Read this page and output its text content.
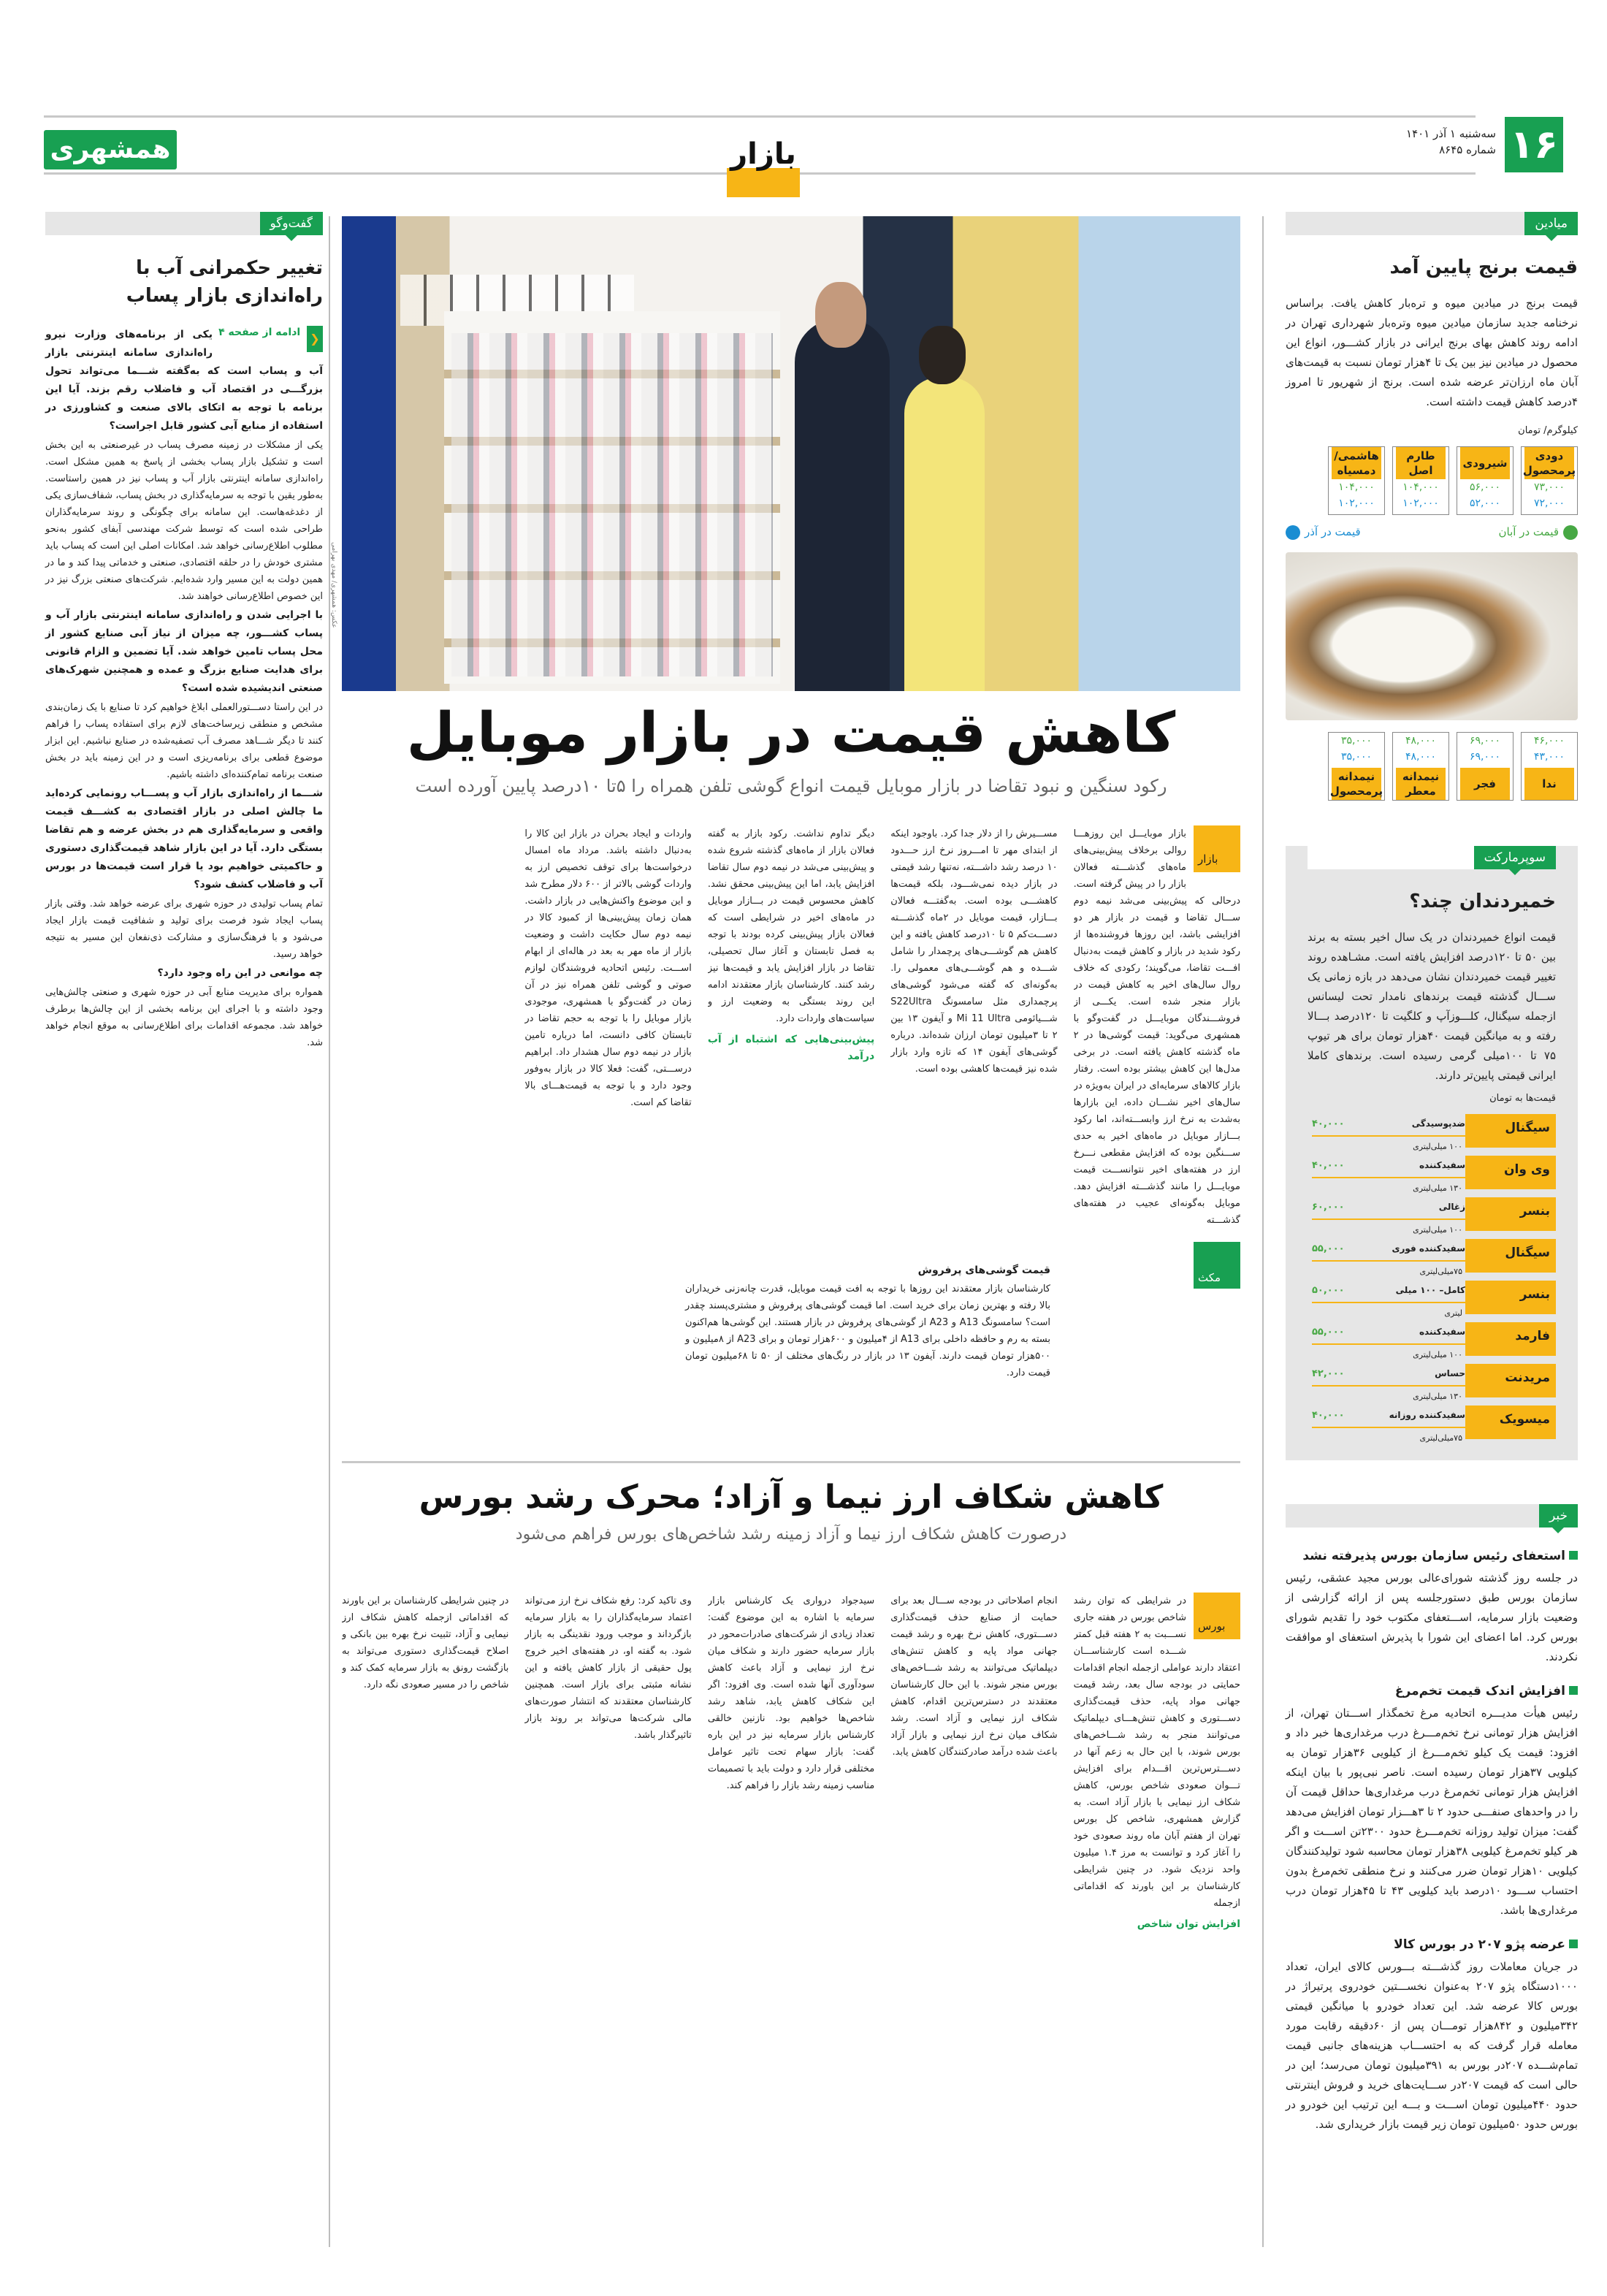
۱۶
سه‌شنبه ۱ آذر ۱۴۰۱
شماره ۸۶۴۵
بازار
همشهری
میادین
قیمت برنج پایین آمد

قیمت برنج در میادین میوه و تره‌بار کاهش یافت. براساس نرخنامه جدید سازمان میادین میوه وتره‌بار شهرداری تهران در ادامه روند کاهش بهای برنج ایرانی در بازار کشـــور، انواع این محصول در میادین نیز بین یک تا ۴هزار تومان نسبت به قیمت‌های آبان ماه ارزان‌تر عرضه شده است. برنج از شهریور تا امروز ۴درصد کاهش قیمت داشته است.

کیلوگرم/ تومان
دودی پرمحصول
۷۳,۰۰۰
۷۲,۰۰۰
شیرودی
۵۶,۰۰۰
۵۲,۰۰۰
طارم اصل
۱۰۴,۰۰۰
۱۰۲,۰۰۰
هاشمی/ دمسیاه
۱۰۴,۰۰۰
۱۰۲,۰۰۰
قیمت در آبان
قیمت در آذر
۴۶,۰۰۰
۴۳,۰۰۰
ندا
۶۹,۰۰۰
۶۹,۰۰۰
فجر
۴۸,۰۰۰
۴۸,۰۰۰
نیمدانه معطر
۳۵,۰۰۰
۳۵,۰۰۰
نیمدانه پرمحصول
سوپرمارکت
خمیردندان چند؟

قیمت انواع خمیردندان در یک سال اخیر بسته به برند بین ۵۰ تا ۱۲۰درصد افزایش یافته است. مشـاهده روند تغییر قیمت خمیردندان نشان می‌دهد در بازه زمانی یک ســـال گذشته قیمت برندهای نامدار تحت لیسانس ازجمله سیگنال، کلـــوزآپ و کلگیت تا ۱۲۰درصد بـــالا رفته و به میانگین قیمت ۴۰هزار تومان برای هر تیوپ ۷۵ تا ۱۰۰میلی گرمی رسیده است. برندهای کاملا ایرانی قیمتی پایین‌تر دارند.

قیمت‌ها به تومان
سیگنال
ضدپوسیدگی
۴۰,۰۰۰
۱۰۰ میلی‌لیتری
وی وان
سفیدکننده
۴۰,۰۰۰
۱۳۰ میلی‌لیتری
بنسر
زغالی
۶۰,۰۰۰
۱۰۰ میلی‌لیتری
سیگنال
سفیدکننده فوری
۵۵,۰۰۰
۷۵میلی‌لیتری
بنسر
کامل– ۱۰۰ میلی
۵۰,۰۰۰
لیتری
فارمد
سفیدکننده
۵۵,۰۰۰
۱۰۰ میلی‌لیتری
مریدنت
حساس
۴۲,۰۰۰
۱۳۰ میلی‌لیتری
میسویک
سفیدکننده روزانه
۴۰,۰۰۰
۷۵میلی‌لیتری
خبر
استعفای رئیس سازمان بورس پذیرفته نشد

در جلسه روز گذشته شورای‌عالی بورس مجید عشقی، رئیس سازمان بورس طبق دستورجلسه پس از ارائه گزارشی از وضعیت بازار سرمایه، اســـتعفای مکتوب خود را تقدیم شورای بورس کرد. اما اعضای این شورا با پذیرش استعفای او موافقت نکردند.

افزایش اندک قیمت تخم‌مرغ

رئیس هیأت مدیـــره اتحادیه مرغ تخمگذار اســـتان تهران، از افزایش هزار تومانی نرخ تخم‌مـــرغ درب مرغداری‌ها خبر داد و افزود: قیمت یک کیلو تخم‌مـــرغ از کیلویی ۳۶هزار تومان به کیلویی ۳۷هزار تومان رسیده است. ناصر نبی‌پور با بیان اینکه افزایش هزار تومانی تخم‌مرغ درب مرغداری‌ها حداقل قیمت آن را در واحدهای صنفـــی حدود ۲ تا ۳هـــزار تومان افزایش می‌دهد گفت: میزان تولید روزانه تخم‌مـــرغ حدود ۲۳۰۰تن اســـت و اگر هر کیلو تخم‌مرغ کیلویی ۳۸هزار تومان محاسبه شود تولیدکنندگان کیلویی ۱۰هزار تومان ضرر می‌کنند و نرخ منطقی تخم‌مرغ بدون احتساب ســـود ۱۰درصد باید کیلویی ۴۳ تا ۴۵هزار تومان درب مرغداری‌ها باشد.

عرضه پژو ۲۰۷ در بورس کالا

در جریان معاملات روز گذشـــته بـــورس کالای ایران، تعداد ۱۰۰۰دستگاه پژو ۲۰۷ به‌عنوان نخســـتین خودروی پرتیراژ در بورس کالا عرضه شد. این تعداد خودرو با میانگین قیمتی ۳۴۲میلیون و ۸۴۲هزار تومـــان پس از ۶۰دقیقه رقابت مورد معامله قرار گرفت که به احتســـاب هزینه‌های جانبی قیمت تمام‌شـــده ۲۰۷در بورس به ۳۹۱میلیون تومان می‌رسد؛ این در حالی است که قیمت ۲۰۷در ســـایت‌های خرید و فروش اینترنتی حدود ۴۴۰میلیون تومان اســـت و بـــه این ترتیب این خودرو در بورس حدود ۵۰میلیون تومان زیر قیمت بازار خریداری شد.

عکس: همشهری/ مهدی بهرامی
کاهش قیمت در بازار موبایل
رکود سنگین و نبود تقاضا در بازار موبایل قیمت انواع گوشی تلفن همراه را ۵تا ۱۰درصد پایین آورده است
بازار
بازار موبایـــل این روزهـــا روالی برخلاف پیش‌بینی‌های ماه‌های گذشـــته فعالان بازار را در پیش گرفته است. درحالی که پیش‌بینی می‌شد نیمه دوم ســـال تقاضا و قیمت در بازار هر دو افزایشی باشد، این روزها فروشنده‌ها از رکود شدید در بازار و کاهش قیمت به‌دنبال افـــت تقاضا، می‌گویند؛ رکودی که خلاف روال سال‌های اخیر به کاهش قیمت در بازار منجر شده است. یکـــی از فروشـــندگان موبایـــل در گفت‌وگو با همشهری می‌گوید: قیمت گوشی‌ها در ۲ ماه گذشته کاهش یافته است. در برخی مدل‌ها این کاهش بیشتر بوده است. رفتار بازار کالاهای سرمایه‌ای در ایران به‌ویژه در سال‌های اخیر نشـــان داده، این بازارها به‌شدت به نرخ ارز وابســـته‌اند، اما رکود بـــازار موبایل در ماه‌های اخیر به حدی ســـنگین بوده که افزایش مقطعی نـــرخ ارز در هفته‌های اخیر نتوانســـت قیمت موبایـــل را مانند گذشـــته افزایش دهد. موبایل به‌گونه‌ای عجیب در هفته‌های گذشـــته
مســـیرش را از دلار جدا کرد. باوجود اینکه از ابتدای مهر تا امـــروز نرخ ارز حـــدود ۱۰ درصد رشد داشـــته، نه‌تنها رشد قیمتی در بازار دیده نمی‌شـــود، بلکه قیمت‌ها کاهشـــی بوده است. به‌گفتـــه فعالان بـــازار، قیمت موبایل در ۲ماه گذشـــته دســـت‌کم ۵ تا ۱۰درصد کاهش یافته و این کاهش هم گوشـــی‌های پرچمدار را شامل شـــده و هم گوشـــی‌های معمولی را. به‌گونه‌ای که گفته می‌شود گوشی‌های پرچمداری مثل سامسونگ S22Ultra شـــیائومی Mi 11 Ultra و آیفون ۱۳ ‌بین ۲ تا ۳میلیون تومان ارزان شده‌اند. درباره گوشی‌های آیفون ۱۴ که تازه وارد بازار شده نیز قیمت‌ها کاهشی بوده است.
دیگر تداوم نداشت. رکود بازار به گفته فعالان بازار از ماه‌های گذشته شروع شده و پیش‌بینی می‌شد در نیمه دوم سال تقاضا افزایش یابد، اما این پیش‌بینی محقق نشد. کاهش محسوس قیمت در بـــازار موبایل در ماه‌های اخیر در شرایطی است که فعالان بازار پیش‌بینی کرده بودند با توجه به فصل تابستان و آغاز سال تحصیلی، تقاضا در بازار افزایش یابد و قیمت‌ها نیز رشد کنند. کارشناسان بازار معتقدند ادامه این روند بستگی به وضعیت ارز و سیاست‌های واردات دارد.
پیش‌بینی‌هایی که اشتباه از آب درآمد
واردات و ایجاد بحران در بازار این کالا را به‌دنبال داشته باشد. مرداد ماه امسال درخواست‌ها برای توقف تخصیص ارز به واردات گوشی بالاتر از ۶۰۰ دلار مطرح شد و این موضوع واکنش‌هایی در بازار داشت. همان زمان پیش‌بینی‌ها از کمبود کالا در نیمه دوم سال حکایت داشت و وضعیت بازار از ماه مهر به بعد در هاله‌ای از ابهام اســـت. رئیس اتحادیه فروشندگان لوازم صوتی و گوشی تلفن همراه نیز در آن زمان در گفت‌وگو با همشهری، موجودی بازار موبایل را با توجه به حجم تقاضا در تابستان کافی دانست، اما درباره تامین بازار در نیمه دوم سال هشدار داد. ابراهیم درســـتی، گفت: فعلا کالا در بازار به‌وفور وجود دارد و با توجه به قیمت‌هـــای بالا تقاضا کم است.
مکث
قیمت گوشی‌های پرفروش
کارشناسان بازار معتقدند این روزها با توجه به افت قیمت موبایل، قدرت چانه‌زنی خریداران بالا رفته و بهترین زمان برای خرید است. اما قیمت گوشی‌های پرفروش و مشتری‌پسند چقدر است؟ سامسونگ A13 و A23 از گوشی‌های پرفروش در بازار هستند. این گوشی‌ها هم‌اکنون بسته به رم و حافظه داخلی برای A13 از ۴میلیون و ۶۰۰هزار تومان و برای A23 از ۸میلیون و ۵۰۰هزار تومان قیمت دارند. آیفون ۱۳ در بازار در رنگ‌های مختلف از ۵۰ تا ۶۸میلیون تومان قیمت دارد.
کاهش شکاف ارز نیما و آزاد؛ محرک رشد بورس
درصورت کاهش شکاف ارز نیما و آزاد زمینه رشد شاخص‌های بورس فراهم می‌شود
بورس
در شرایطی که توان رشد شاخص بورس در هفته جاری نســـبت به ۲ هفته قبل کمتر شـــده است کارشناســـان اعتقاد دارند عواملی ازجمله انجام اقدامات حمایتی در بودجه سال بعد، رشد قیمت جهانی مواد پایه، حذف قیمت‌گذاری دســـتوری و کاهش تنش‌هـــای دیپلماتیک می‌توانند منجر به رشد شـــاخص‌های بورس شوند، با این حال به زعم آنها در دســـترس‌ترین اقـــدام برای افزایش تـــوان صعودی شاخص بورس، کاهش شکاف ارز نیمایی با بازار آزاد است. به گزارش همشهری، شاخص کل بورس تهران از هفتم آبان ماه روند صعودی خود را آغاز کرد و توانست به مرز ۱.۴ میلیون واحد نزدیک شود. در چنین شرایطی کارشناسان بر این باورند که اقداماتی ازجمله
افزایش توان شاخص
انجام اصلاحاتی در بودجه ســـال بعد برای حمایت از صنایع حذف قیمت‌گذاری دســـتوری، کاهش نرخ بهره و رشد قیمت جهانی مواد پایه و کاهش تنش‌های دیپلماتیک می‌توانند به رشد شـــاخص‌های بورس منجر شوند. با این حال کارشناسان معتقدند در دسترس‌ترین اقدام، کاهش شکاف ارز نیمایی و آزاد است. رشد شکاف میان نرخ ارز نیمایی و بازار آزاد باعث شده درآمد صادرکنندگان کاهش یابد.
سیدجواد درواری یک کارشناس بازار سرمایه با اشاره به این موضوع گفت: تعداد زیادی از شرکت‌های صادرات‌محور در بازار سرمایه حضور دارند و شکاف میان نرخ ارز نیمایی و آزاد باعث کاهش سودآوری آنها شده است. وی افزود: اگر این شکاف کاهش یابد، شاهد رشد شاخص‌ها خواهیم بود. نازنین خالقی کارشناس بازار سرمایه نیز در این باره گفت: بازار سهام تحت تاثیر عوامل مختلفی قرار دارد و دولت باید با تصمیمات مناسب زمینه رشد بازار را فراهم کند.
وی تاکید کرد: رفع شکاف نرخ ارز می‌تواند اعتماد سرمایه‌گذاران را به بازار سرمایه بازگرداند و موجب ورود نقدینگی به بازار شود. به گفته او، در هفته‌های اخیر خروج پول حقیقی از بازار کاهش یافته و این نشانه مثبتی برای بازار است. همچنین کارشناسان معتقدند که انتشار صورت‌های مالی شرکت‌ها می‌تواند بر روند بازار تاثیرگذار باشد.
در چنین شرایطی کارشناسان بر این باورند که اقداماتی ازجمله کاهش شکاف ارز نیمایی و آزاد، تثبیت نرخ بهره بین بانکی و اصلاح قیمت‌گذاری دستوری می‌تواند به بازگشت رونق به بازار سرمایه کمک کند و شاخص را در مسیر صعودی نگه دارد.
گفت‌وگو
تغییر حکمرانی آب با راه‌اندازی بازار پساب
❮ ادامه از صفحه ۴
یکی از برنامه‌های وزارت نیرو راه‌اندازی سامانه اینترنتی بازار آب و پساب است که به‌گفته شـــما می‌تواند تحول بزرگـــی در اقتصاد آب و فاضلاب رقم بزند. آیا این برنامه با توجه به اتکای بالای صنعت و کشاورزی در استفاده از منابع آبی کشور قابل اجراست؟
یکی از مشکلات در زمینه مصرف پساب در غیرصنعتی به این بخش است و تشکیل بازار پساب بخشی از پاسخ به همین مشکل است. راه‌اندازی سامانه اینترنتی بازار آب و پساب نیز در همین راستاست. به‌طور یقین با توجه به سرمایه‌گذاری در بخش پساب، شفاف‌سازی یکی از دغدغه‌هاست. این سامانه برای چگونگی و روند سرمایه‌گذاران طراحی شده است که توسط شرکت مهندسی آبفای کشور به‌نحو مطلوب اطلاع‌رسانی خواهد شد. امکانات اصلی این است که پساب باید مشتری خودش را در حلقه اقتصادی، صنعتی و خدماتی پیدا کند و ما در همین دولت به این مسیر وارد شده‌ایم. شرکت‌های صنعتی بزرگ نیز در این خصوص اطلاع‌رسانی خواهند شد.
با اجرایی شدن و راه‌اندازی سامانه اینترنتی بازار آب و پساب کشـــور، چه میزان از نیاز آبی صنایع کشور از محل پساب تامین خواهد شد. آیا تضمین و الزام قانونی برای هدایت صنایع بزرگ و عمده و همچنین شهرک‌های صنعتی اندیشیده شده است؟
در این راستا دســـتورالعملی ابلاغ خواهیم کرد تا صنایع با یک زمان‌بندی مشخص و منطقی زیرساخت‌های لازم برای استفاده پساب را فراهم کنند تا دیگر شـــاهد مصرف آب تصفیه‌شده در صنایع نباشیم. این ابزار موضوع قطعی برای برنامه‌ریزی است و در این زمینه باید در بخش صنعت برنامه تمام‌کننده‌ای داشته باشیم.
شـــما از راه‌اندازی بازار آب و پســـاب رونمایی کرده‌اید ما چالش اصلی در بازار اقتصادی به کشـــف قیمت واقعی و سرمایه‌گذاری هم در بخش عرضه و هم تقاضا بستگی دارد. آیا در این بازار شاهد قیمت‌گذاری دستوری و حاکمیتی خواهیم بود یا قرار است قیمت‌ها در بورس آب و فاضلاب کشف شود؟
تمام پساب تولیدی در حوزه شهری برای عرضه خواهد شد. وقتی بازار پساب ایجاد شود فرصت برای تولید و شفافیت قیمت بازار ایجاد می‌شود و با فرهنگ‌سازی و مشارکت ذی‌نفعان این مسیر به نتیجه خواهد رسید.
چه موانعی در این راه وجود دارد؟
همواره برای مدیریت منابع آبی در حوزه شهری و صنعتی چالش‌هایی وجود داشته و با اجرای این برنامه بخشی از این چالش‌ها برطرف خواهد شد. مجموعه اقدامات برای اطلاع‌رسانی به موقع انجام خواهد شد.
